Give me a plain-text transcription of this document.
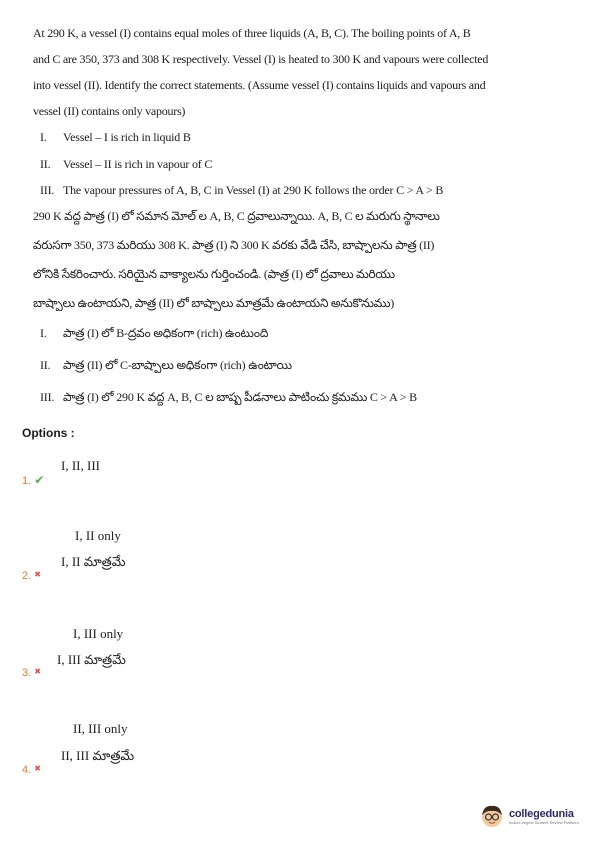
At 290 K, a vessel (I) contains equal moles of three liquids (A, B, C). The boiling points of A, B
and C are 350, 373 and 308 K respectively. Vessel (I) is heated to 300 K and vapours were collected
into vessel (II). Identify the correct statements. (Assume vessel (I) contains liquids and vapours and
vessel (II) contains only vapours)
I. Vessel – I is rich in liquid B
II. Vessel – II is rich in vapour of C
III. The vapour pressures of A, B, C in Vessel (I) at 290 K follows the order C > A > B
290 K వద్ద పాత్ర (I) లో సమాన మోల్ ల A, B, C ద్రవాలున్నాయి. A, B, C ల మరుగు స్థానాలు
వరుసగా 350, 373 మరియు 308 K. పాత్ర (I) ని 300 K వరకు వేడి చేసి, బాష్పాలను పాత్ర (II)
లోనికి సేకరించారు. సరియైన వాక్యాలను గుర్తించండి. (పాత్ర (I) లో ద్రవాలు మరియు
బాష్పాలు ఉంటాయని, పాత్ర (II) లో బాష్పాలు మాత్రమే ఉంటాయని అనుకొనుము)
I. పాత్ర (I) లో B-ద్రవం అధికంగా (rich) ఉంటుంది
II. పాత్ర (II) లో C-బాష్పాలు అధికంగా (rich) ఉంటాయి
III. పాత్ర (I) లో 290 K వద్ద A, B, C ల బాష్ప పీడనాలు పాటించు క్రమము C > A > B
Options :
I, II, III
1. ✔
I, II only
I, II మాత్రమే
2. ✖
I, III only
I, III మాత్రమే
3. ✖
II, III only
II, III మాత్రమే
4. ✖
collegedunia
India's largest Student Review Platform
